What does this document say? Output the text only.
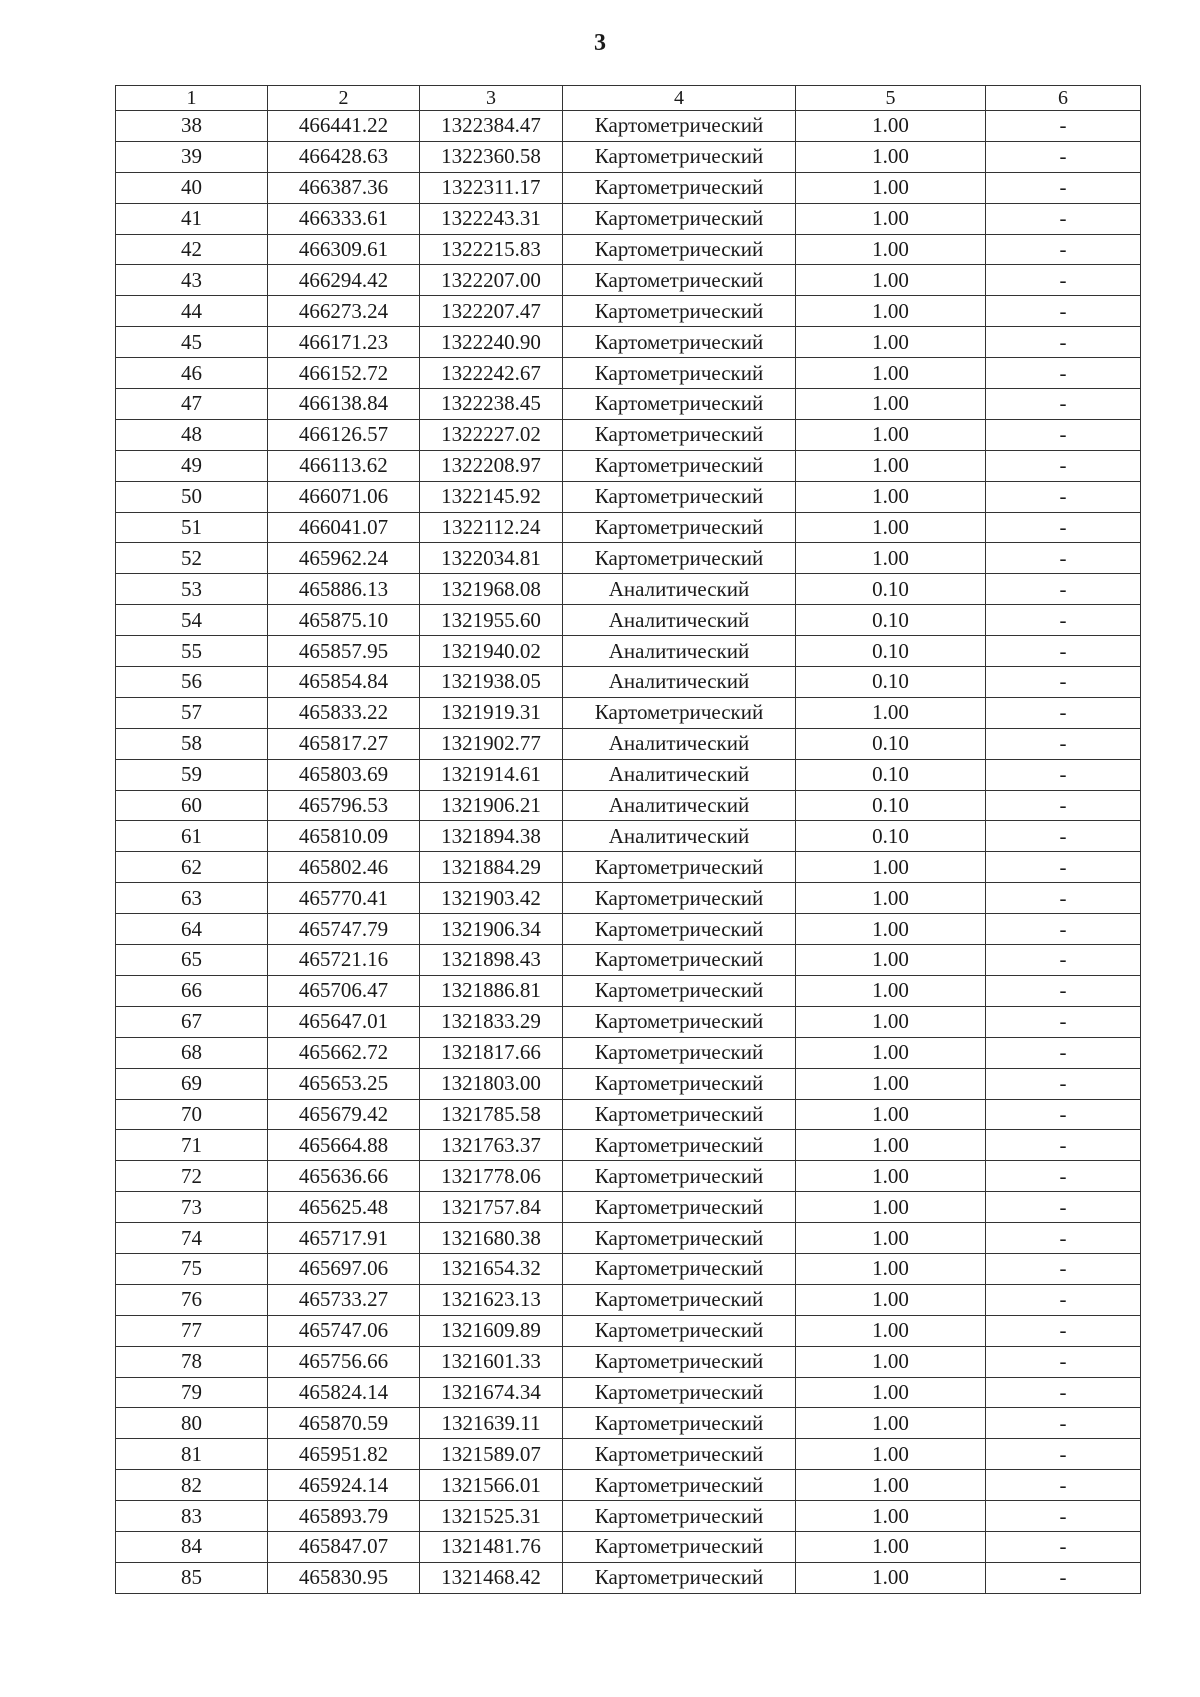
3
1	2	3	4	5	6
38	466441.22	1322384.47	Картометрический	1.00	-
39	466428.63	1322360.58	Картометрический	1.00	-
40	466387.36	1322311.17	Картометрический	1.00	-
41	466333.61	1322243.31	Картометрический	1.00	-
42	466309.61	1322215.83	Картометрический	1.00	-
43	466294.42	1322207.00	Картометрический	1.00	-
44	466273.24	1322207.47	Картометрический	1.00	-
45	466171.23	1322240.90	Картометрический	1.00	-
46	466152.72	1322242.67	Картометрический	1.00	-
47	466138.84	1322238.45	Картометрический	1.00	-
48	466126.57	1322227.02	Картометрический	1.00	-
49	466113.62	1322208.97	Картометрический	1.00	-
50	466071.06	1322145.92	Картометрический	1.00	-
51	466041.07	1322112.24	Картометрический	1.00	-
52	465962.24	1322034.81	Картометрический	1.00	-
53	465886.13	1321968.08	Аналитический	0.10	-
54	465875.10	1321955.60	Аналитический	0.10	-
55	465857.95	1321940.02	Аналитический	0.10	-
56	465854.84	1321938.05	Аналитический	0.10	-
57	465833.22	1321919.31	Картометрический	1.00	-
58	465817.27	1321902.77	Аналитический	0.10	-
59	465803.69	1321914.61	Аналитический	0.10	-
60	465796.53	1321906.21	Аналитический	0.10	-
61	465810.09	1321894.38	Аналитический	0.10	-
62	465802.46	1321884.29	Картометрический	1.00	-
63	465770.41	1321903.42	Картометрический	1.00	-
64	465747.79	1321906.34	Картометрический	1.00	-
65	465721.16	1321898.43	Картометрический	1.00	-
66	465706.47	1321886.81	Картометрический	1.00	-
67	465647.01	1321833.29	Картометрический	1.00	-
68	465662.72	1321817.66	Картометрический	1.00	-
69	465653.25	1321803.00	Картометрический	1.00	-
70	465679.42	1321785.58	Картометрический	1.00	-
71	465664.88	1321763.37	Картометрический	1.00	-
72	465636.66	1321778.06	Картометрический	1.00	-
73	465625.48	1321757.84	Картометрический	1.00	-
74	465717.91	1321680.38	Картометрический	1.00	-
75	465697.06	1321654.32	Картометрический	1.00	-
76	465733.27	1321623.13	Картометрический	1.00	-
77	465747.06	1321609.89	Картометрический	1.00	-
78	465756.66	1321601.33	Картометрический	1.00	-
79	465824.14	1321674.34	Картометрический	1.00	-
80	465870.59	1321639.11	Картометрический	1.00	-
81	465951.82	1321589.07	Картометрический	1.00	-
82	465924.14	1321566.01	Картометрический	1.00	-
83	465893.79	1321525.31	Картометрический	1.00	-
84	465847.07	1321481.76	Картометрический	1.00	-
85	465830.95	1321468.42	Картометрический	1.00	-
